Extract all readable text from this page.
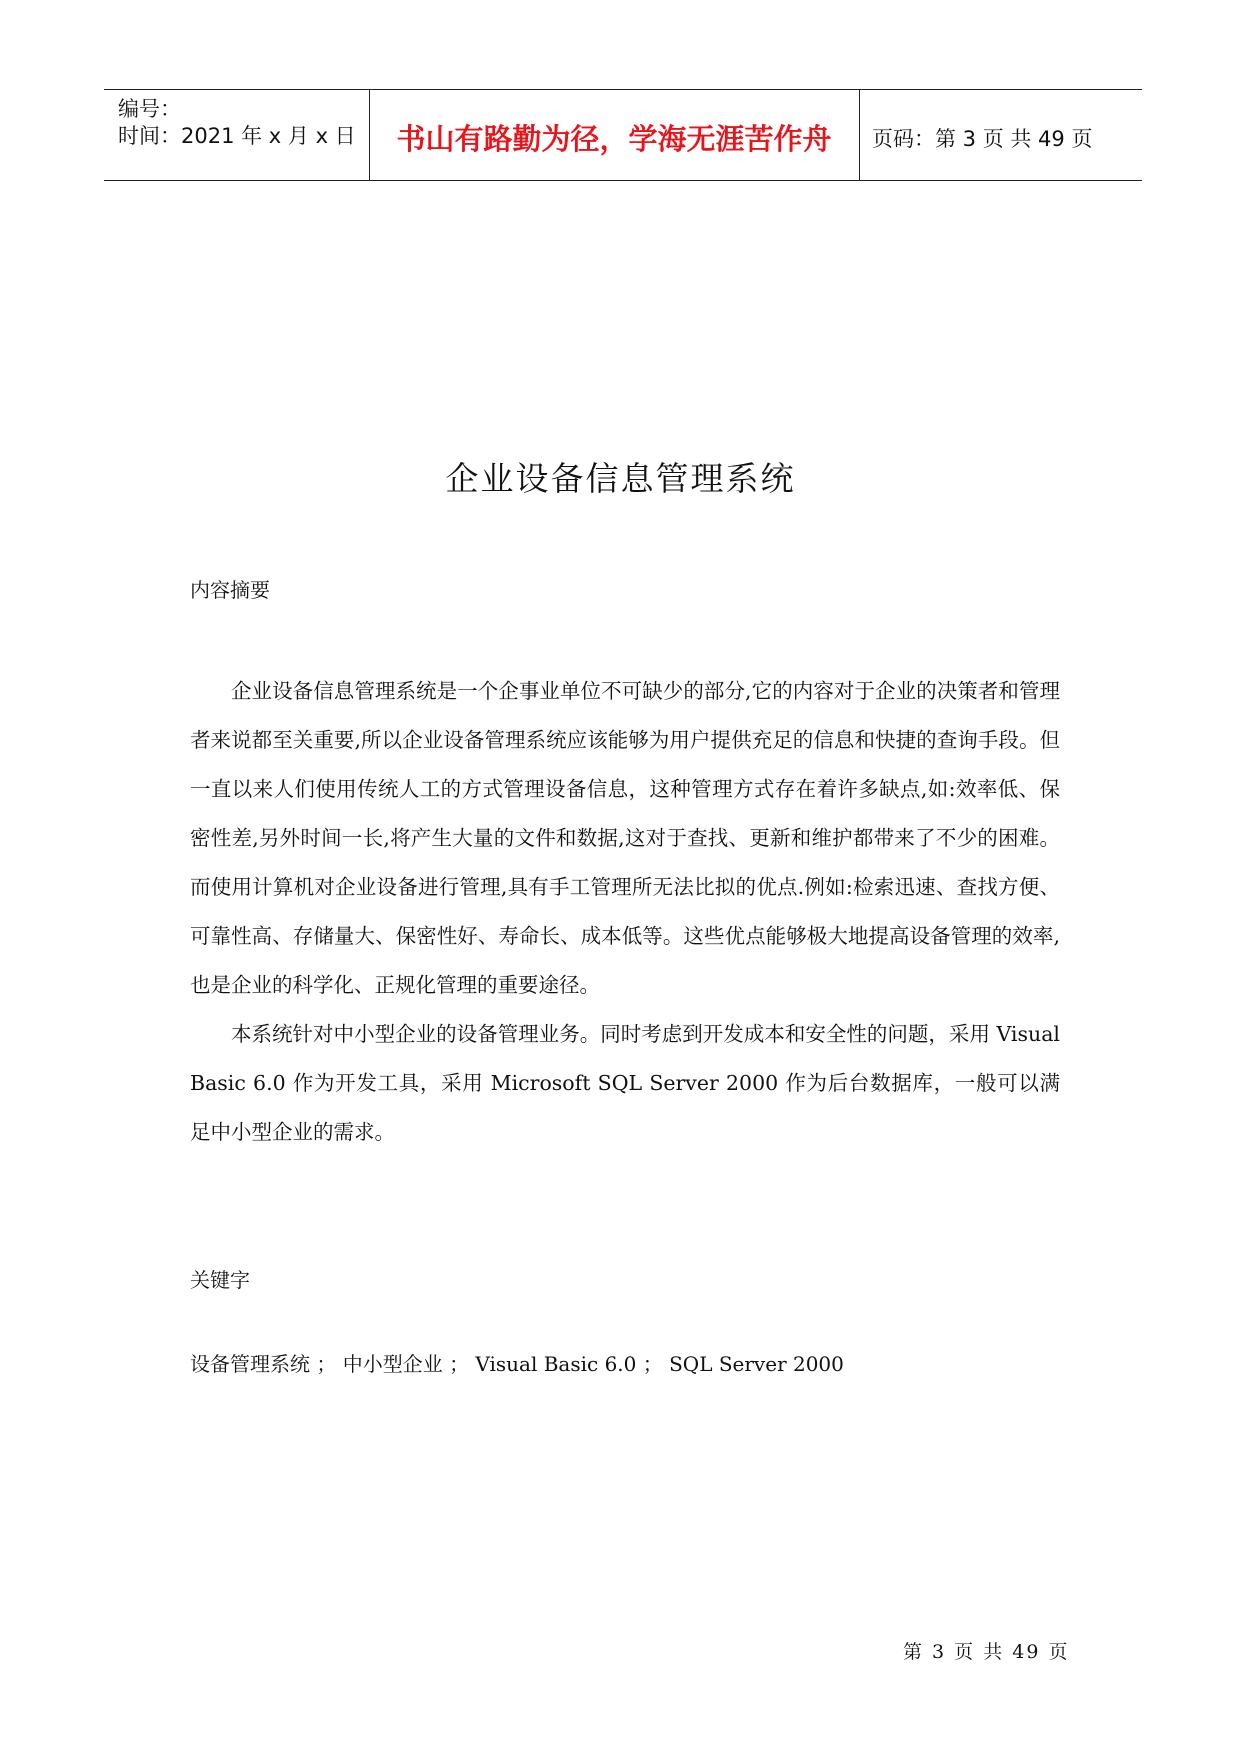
编号：
时间：2021 年 x 月 x 日	书山有路勤为径，学海无涯苦作舟	页码：第 3 页 共 49 页
企业设备信息管理系统
内容摘要

企业设备信息管理系统是一个企事业单位不可缺少的部分,它的内容对于企业的决策者和管理者来说都至关重要,所以企业设备管理系统应该能够为用户提供充足的信息和快捷的查询手段。但一直以来人们使用传统人工的方式管理设备信息，这种管理方式存在着许多缺点,如:效率低、保密性差,另外时间一长,将产生大量的文件和数据,这对于查找、更新和维护都带来了不少的困难。而使用计算机对企业设备进行管理,具有手工管理所无法比拟的优点.例如:检索迅速、查找方便、可靠性高、存储量大、保密性好、寿命长、成本低等。这些优点能够极大地提高设备管理的效率,也是企业的科学化、正规化管理的重要途径。

本系统针对中小型企业的设备管理业务。同时考虑到开发成本和安全性的问题，采用 Visual Basic 6.0 作为开发工具，采用 Microsoft SQL Server 2000 作为后台数据库，一般可以满足中小型企业的需求。

关键字
设备管理系统 ； 中小型企业 ； Visual Basic 6.0 ； SQL Server 2000
第 3 页 共 49 页
